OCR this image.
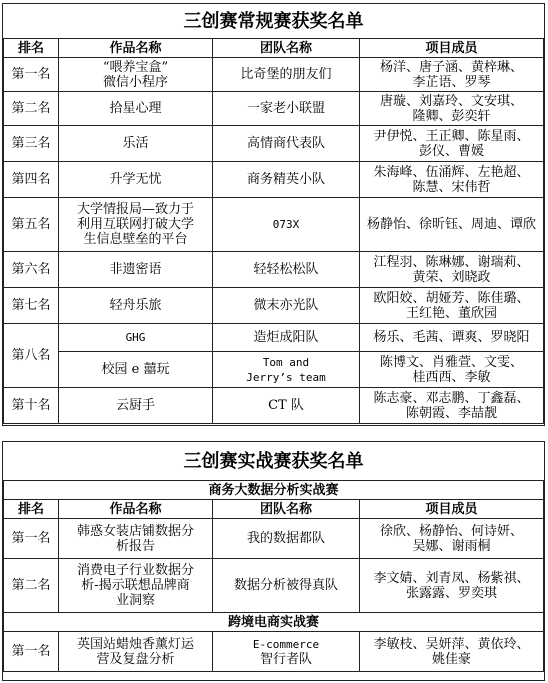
三创赛常规赛获奖名单			
排名	作品名称	团队名称	项目成员
第一名	“喂养宝盒”
微信小程序	比奇堡的朋友们	杨洋、唐子涵、黄梓琳、
李芷语、罗琴

第二名	拾星心理	一家老小联盟	唐璇、刘嘉玲、文安琪、
隆卿、彭奕轩

第三名	乐活	高情商代表队	尹伊悦、王正卿、陈星雨、
彭仪、曹媛

第四名	升学无忧	商务精英小队	朱海峰、伍涌辉、左艳超、
陈慧、宋伟哲

第五名	大学情报局—致力于
利用互联网打破大学
生信息壁垒的平台	073X	杨静怡、徐昕钰、周迪、谭欣

第六名	非遗密语	轻轻松松队	江程羽、陈琳娜、谢瑞莉、
黄荣、刘晓政

第七名	轻舟乐旅	微末亦光队	欧阳姣、胡娅芳、陈佳璐、
王红艳、董欣园

第八名	GHG	造炬成阳队	杨乐、毛茜、谭爽、罗晓阳

	校园 e 囍玩	Tom and
Jerry’s team	陈博文、肖雅萱、文雯、
桂西西、李敏

第十名	云厨手	CT 队	陈志豪、邓志鹏、丁鑫磊、
陈朝霞、李喆靓
三创赛实战赛获奖名单			
商务大数据分析实战赛			
排名	作品名称	团队名称	项目成员
第一名	韩惑女装店铺数据分
析报告	我的数据都队	徐欣、杨静怡、何诗妍、
吴娜、谢雨桐

第二名	消费电子行业数据分
析-揭示联想品牌商
业洞察	数据分析被得真队	李文婧、刘青凤、杨紫祺、
张露露、罗奕琪

跨境电商实战赛			
第一名	英国站蜡烛香薰灯运
营及复盘分析	E-commerce
智行者队	李敏枝、吴妍萍、黄依玲、
姚佳豪
